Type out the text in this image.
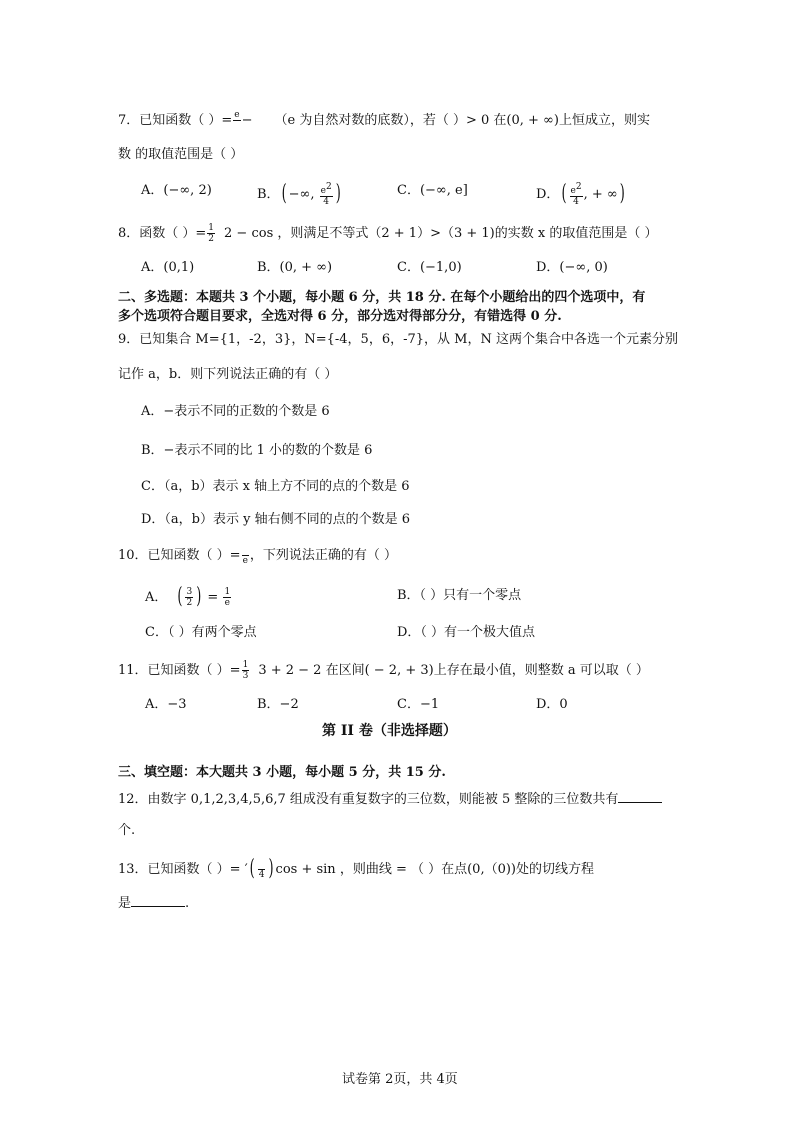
7．已知函数（ ）= e
− （e 为自然对数的底数），若（ ）> 0 在(0, + ∞)上恒成立，则实
数 的取值范围是（ ）
A．(−∞, 2)	B． ( −∞, $\frac{e2}{4}$ )	C．(−∞, e]	D． ( $\frac{e2}{4}$ , + ∞ )
8．函数（ ）= $\frac{1}{2} 2 - \cos$ ，则满足不等式（2 + 1）>（3 + 1)的实数 x 的取值范围是（ ）
A．(0,1)	B．(0, + ∞)	C．(−1,0)	D．(−∞, 0)
二、多选题：本题共 3 个小题，每小题 6 分，共 18 分. 在每个小题给出的四个选项中，有
多个选项符合题目要求，全选对得 6 分，部分选对得部分分，有错选得 0 分.
9．已知集合 M={1，-2，3}，N={-4，5，6，-7}，从 M，N 这两个集合中各选一个元素分别
记作 a，b．则下列说法正确的有（ ）
A．−表示不同的正数的个数是 6
B．−表示不同的比 1 小的数的个数是 6
C．（a，b）表示 x 轴上方不同的点的个数是 6
D．（a，b）表示 y 轴右侧不同的点的个数是 6
10．已知函数（ ）=
e ，下列说法正确的有（ ）
A． ( $\frac{3}{2}$ ) = $\frac{1}{e}$	B．（ ）只有一个零点
C．（ ）有两个零点	D．（ ）有一个极大值点
11．已知函数（ ）= $\frac{1}{3} 3 + 2 - 2$ 在区间( − 2, + 3)上存在最小值，则整数 a 可以取（ ）
A．−3	B．−2	C．−1	D．0
第 II 卷（非选择题）
三、填空题：本大题共 3 小题，每小题 5 分，共 15 分.
12．由数字 0,1,2,3,4,5,6,7 组成没有重复数字的三位数，则能被 5 整除的三位数共有
个.
13．已知函数（ ）= ′ (
4 ) cos + sin ，则曲线 = （ ）在点(0,（0))处的切线方程
是	.
试卷第 2页，共 4页
